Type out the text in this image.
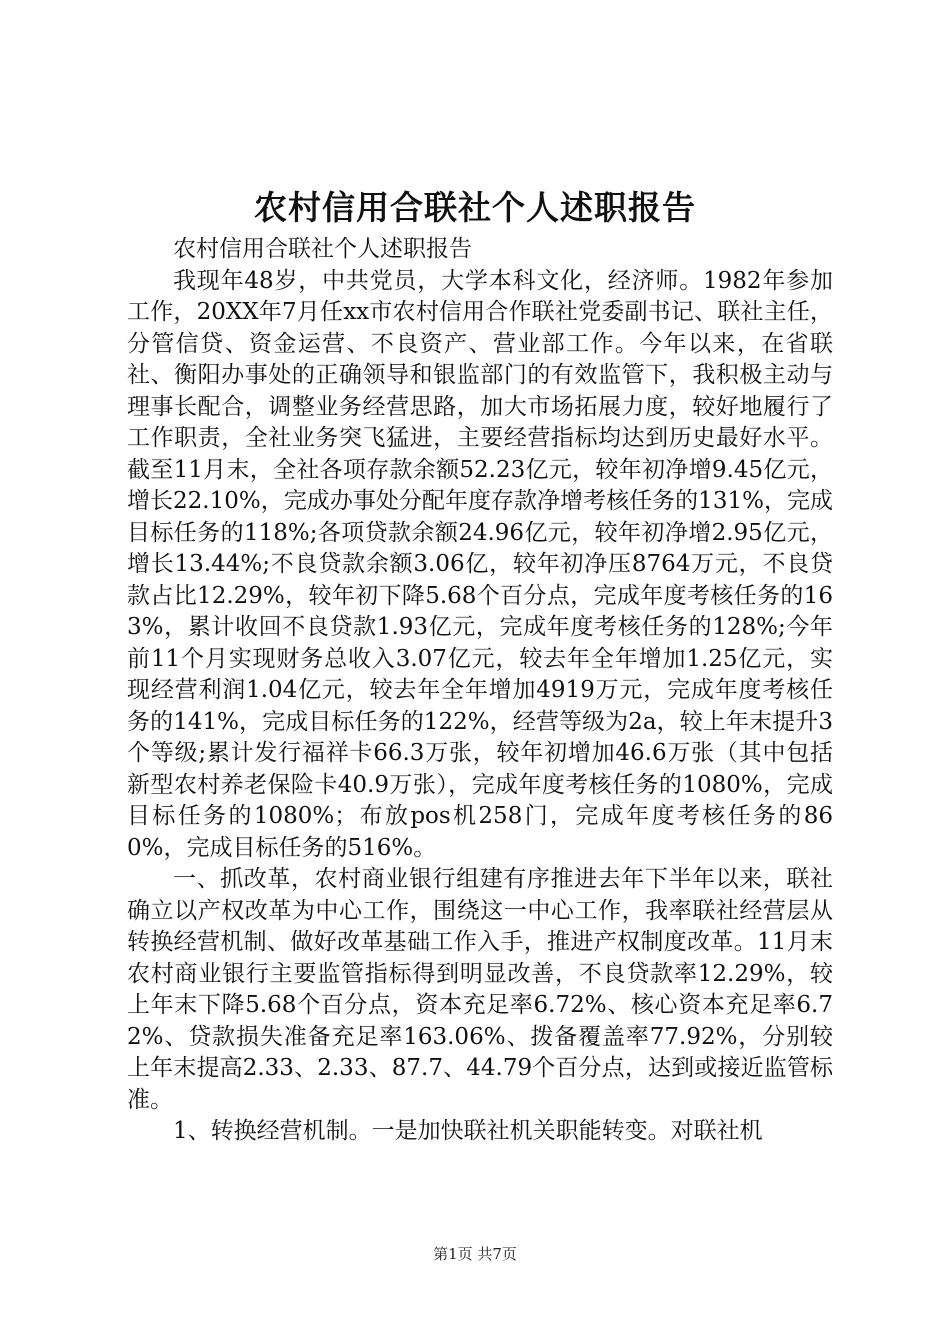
农村信用合联社个人述职报告

农村信用合联社个人述职报告

我现年48岁，中共党员，大学本科文化，经济师。1982年参加工作，20XX年7月任xx市农村信用合作联社党委副书记、联社主任，分管信贷、资金运营、不良资产、营业部工作。今年以来，在省联社、衡阳办事处的正确领导和银监部门的有效监管下，我积极主动与理事长配合，调整业务经营思路，加大市场拓展力度，较好地履行了工作职责，全社业务突飞猛进，主要经营指标均达到历史最好水平。截至11月末，全社各项存款余额52.23亿元，较年初净增9.45亿元，增长22.10%，完成办事处分配年度存款净增考核任务的131%，完成目标任务的118%;各项贷款余额24.96亿元，较年初净增2.95亿元，增长13.44%;不良贷款余额3.06亿，较年初净压8764万元，不良贷款占比12.29%，较年初下降5.68个百分点，完成年度考核任务的163%，累计收回不良贷款1.93亿元，完成年度考核任务的128%;今年前11个月实现财务总收入3.07亿元，较去年全年增加1.25亿元，实现经营利润1.04亿元，较去年全年增加4919万元，完成年度考核任务的141%，完成目标任务的122%，经营等级为2a，较上年末提升3个等级;累计发行福祥卡66.3万张，较年初增加46.6万张（其中包括新型农村养老保险卡40.9万张），完成年度考核任务的1080%，完成目标任务的1080%；布放pos机258门，完成年度考核任务的860%，完成目标任务的516%。

一、抓改革，农村商业银行组建有序推进去年下半年以来，联社确立以产权改革为中心工作，围绕这一中心工作，我率联社经营层从转换经营机制、做好改革基础工作入手，推进产权制度改革。11月末农村商业银行主要监管指标得到明显改善，不良贷款率12.29%，较上年末下降5.68个百分点，资本充足率6.72%、核心资本充足率6.72%、贷款损失准备充足率163.06%、拨备覆盖率77.92%，分别较上年末提高2.33、2.33、87.7、44.79个百分点，达到或接近监管标准。

1、转换经营机制。一是加快联社机关职能转变。对联社机

第1页 共7页
